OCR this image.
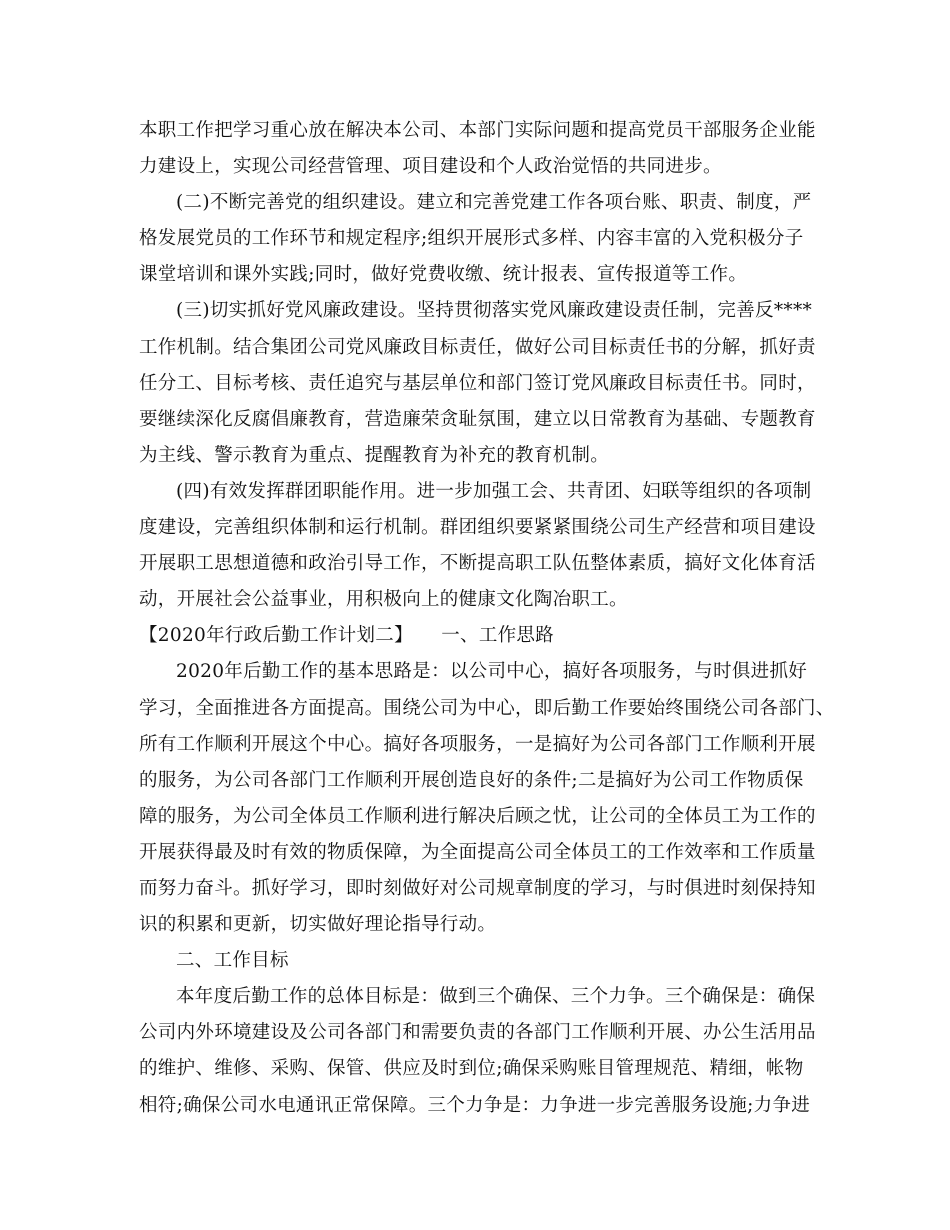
本职工作把学习重心放在解决本公司、本部门实际问题和提高党员干部服务企业能
力建设上，实现公司经营管理、项目建设和个人政治觉悟的共同进步。
(二)不断完善党的组织建设。建立和完善党建工作各项台账、职责、制度，严
格发展党员的工作环节和规定程序;组织开展形式多样、内容丰富的入党积极分子
课堂培训和课外实践;同时，做好党费收缴、统计报表、宣传报道等工作。
(三)切实抓好党风廉政建设。坚持贯彻落实党风廉政建设责任制，完善反****
工作机制。结合集团公司党风廉政目标责任，做好公司目标责任书的分解，抓好责
任分工、目标考核、责任追究与基层单位和部门签订党风廉政目标责任书。同时，
要继续深化反腐倡廉教育，营造廉荣贪耻氛围，建立以日常教育为基础、专题教育
为主线、警示教育为重点、提醒教育为补充的教育机制。
(四)有效发挥群团职能作用。进一步加强工会、共青团、妇联等组织的各项制
度建设，完善组织体制和运行机制。群团组织要紧紧围绕公司生产经营和项目建设
开展职工思想道德和政治引导工作，不断提高职工队伍整体素质，搞好文化体育活
动，开展社会公益事业，用积极向上的健康文化陶冶职工。
【2020年行政后勤工作计划二】　　一、工作思路
2020年后勤工作的基本思路是：以公司中心，搞好各项服务，与时俱进抓好
学习，全面推进各方面提高。围绕公司为中心，即后勤工作要始终围绕公司各部门、
所有工作顺利开展这个中心。搞好各项服务，一是搞好为公司各部门工作顺利开展
的服务，为公司各部门工作顺利开展创造良好的条件;二是搞好为公司工作物质保
障的服务，为公司全体员工作顺利进行解决后顾之忧，让公司的全体员工为工作的
开展获得最及时有效的物质保障，为全面提高公司全体员工的工作效率和工作质量
而努力奋斗。抓好学习，即时刻做好对公司规章制度的学习，与时俱进时刻保持知
识的积累和更新，切实做好理论指导行动。
二、工作目标
本年度后勤工作的总体目标是：做到三个确保、三个力争。三个确保是：确保
公司内外环境建设及公司各部门和需要负责的各部门工作顺利开展、办公生活用品
的维护、维修、采购、保管、供应及时到位;确保采购账目管理规范、精细，帐物
相符;确保公司水电通讯正常保障。三个力争是：力争进一步完善服务设施;力争进
